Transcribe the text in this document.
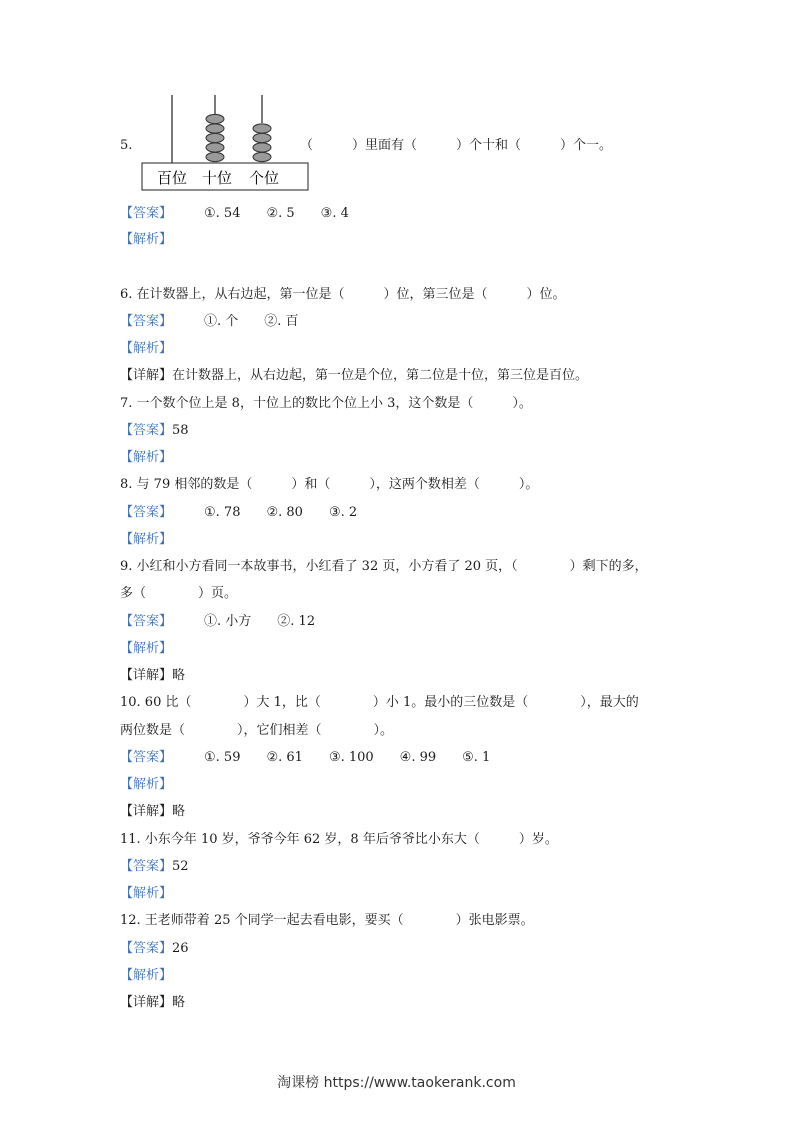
5.
百位 十位 个位
（　　　）里面有（　　　）个十和（　　　）个一。
【答案】 ①. 54　　②. 5　　③. 4
【解析】
6. 在计数器上，从右边起，第一位是（　　　）位，第三位是（　　　）位。
【答案】 ①. 个　　②. 百
【解析】
【详解】在计数器上，从右边起，第一位是个位，第二位是十位，第三位是百位。
7. 一个数个位上是 8，十位上的数比个位上小 3，这个数是（　　　）。
【答案】58
【解析】
8. 与 79 相邻的数是（　　　）和（　　　），这两个数相差（　　　）。
【答案】 ①. 78　　②. 80　　③. 2
【解析】
9. 小红和小方看同一本故事书，小红看了 32 页，小方看了 20 页，（　　　　）剩下的多，
多（　　　　）页。
【答案】 ①. 小方　　②. 12
【解析】
【详解】略
10. 60 比（　　　　）大 1，比（　　　　）小 1。最小的三位数是（　　　　），最大的
两位数是（　　　　），它们相差（　　　　）。
【答案】 ①. 59　　②. 61　　③. 100　　④. 99　　⑤. 1
【解析】
【详解】略
11. 小东今年 10 岁，爷爷今年 62 岁，8 年后爷爷比小东大（　　　）岁。
【答案】52
【解析】
12. 王老师带着 25 个同学一起去看电影，要买（　　　　）张电影票。
【答案】26
【解析】
【详解】略
淘课榜 https://www.taokerank.com
